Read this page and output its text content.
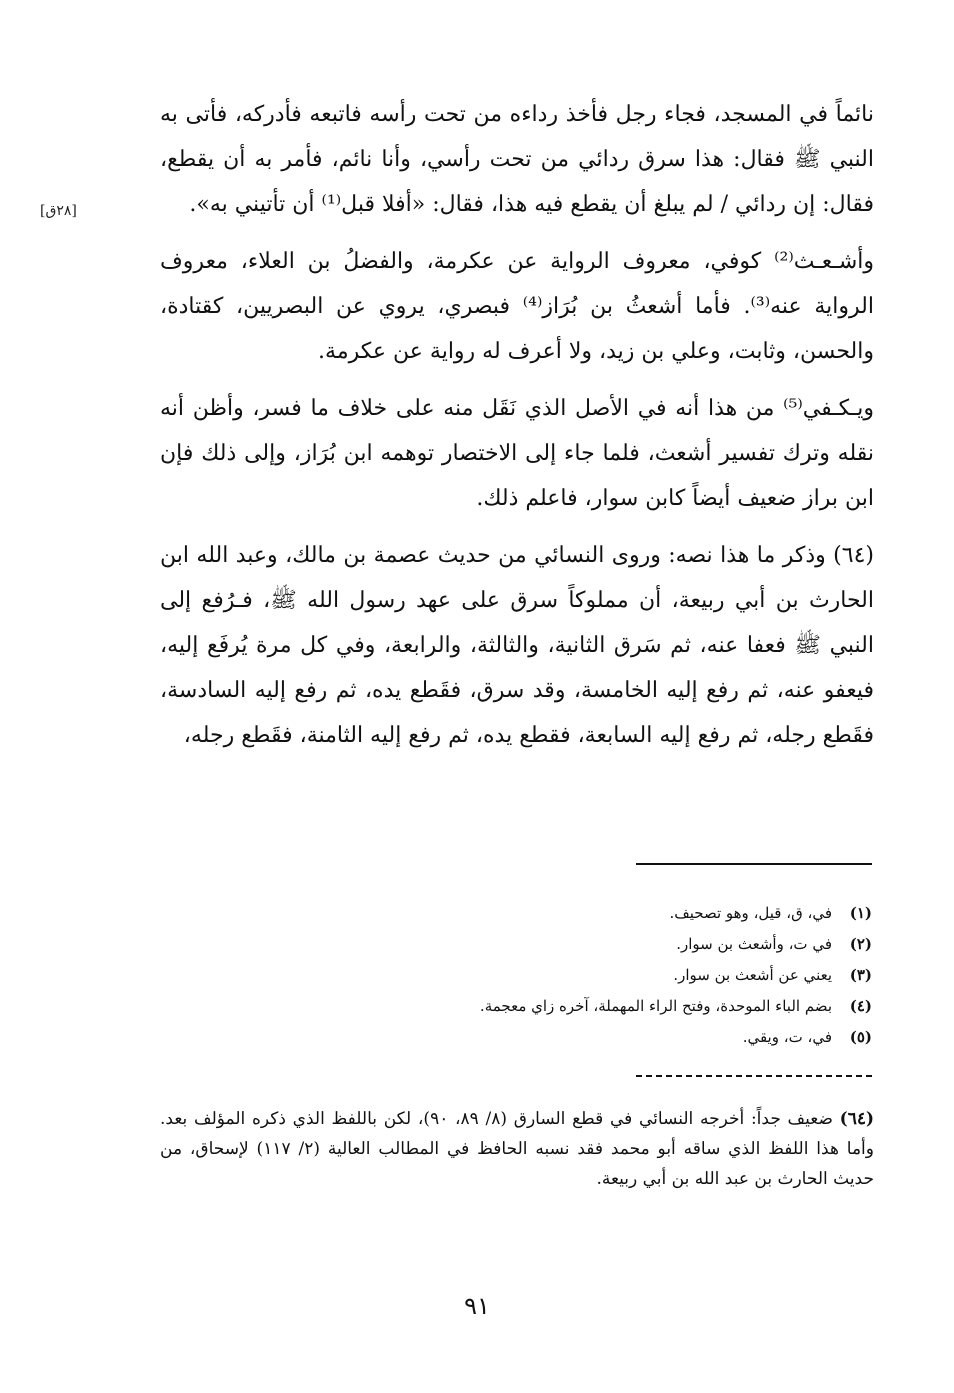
[٢٨ق]

نائماً في المسجد، فجاء رجل فأخذ رداءه من تحت رأسه فاتبعه فأدركه، فأتى به النبي ﷺ فقال: هذا سرق ردائي من تحت رأسي، وأنا نائم، فأمر به أن يقطع، فقال: إن ردائي / لم يبلغ أن يقطع فيه هذا، فقال: «أفلا قبل⁽¹⁾ أن تأتيني به».

وأشـعـث⁽²⁾ كوفي، معروف الرواية عن عكرمة، والفضلُ بن العلاء، معروف الرواية عنه⁽³⁾. فأما أشعثُ بن بُرَاز⁽⁴⁾ فبصري، يروي عن البصريين، كقتادة، والحسن، وثابت، وعلي بن زيد، ولا أعرف له رواية عن عكرمة.

ويـكـفي⁽⁵⁾ من هذا أنه في الأصل الذي نَقَل منه على خلاف ما فسر، وأظن أنه نقله وترك تفسير أشعث، فلما جاء إلى الاختصار توهمه ابن بُرَاز، وإلى ذلك فإن ابن براز ضعيف أيضاً كابن سوار، فاعلم ذلك.

(٦٤) وذكر ما هذا نصه: وروى النسائي من حديث عصمة بن مالك، وعبد الله ابن الحارث بن أبي ربيعة، أن مملوكاً سرق على عهد رسول الله ﷺ، فـرُفع إلى النبي ﷺ فعفا عنه، ثم سَرق الثانية، والثالثة، والرابعة، وفي كل مرة يُرفَع إليه، فيعفو عنه، ثم رفع إليه الخامسة، وقد سرق، فقَطع يده، ثم رفع إليه السادسة، فقَطع رجله، ثم رفع إليه السابعة، فقطع يده، ثم رفع إليه الثامنة، فقَطع رجله،

(١)
في، ق، قيل، وهو تصحيف.
(٢)
في ت، وأشعث بن سوار.
(٣)
يعني عن أشعث بن سوار.
(٤)
بضم الباء الموحدة، وفتح الراء المهملة، آخره زاي معجمة.
(٥)
في، ت، ويقي.
(٦٤) ضعيف جداً: أخرجه النسائي في قطع السارق (٨/ ٨٩، ٩٠)، لكن باللفظ الذي ذكره المؤلف بعد. وأما هذا اللفظ الذي ساقه أبو محمد فقد نسبه الحافظ في المطالب العالية (٢/ ١١٧) لإسحاق، من حديث الحارث بن عبد الله بن أبي ربيعة.
٩١
